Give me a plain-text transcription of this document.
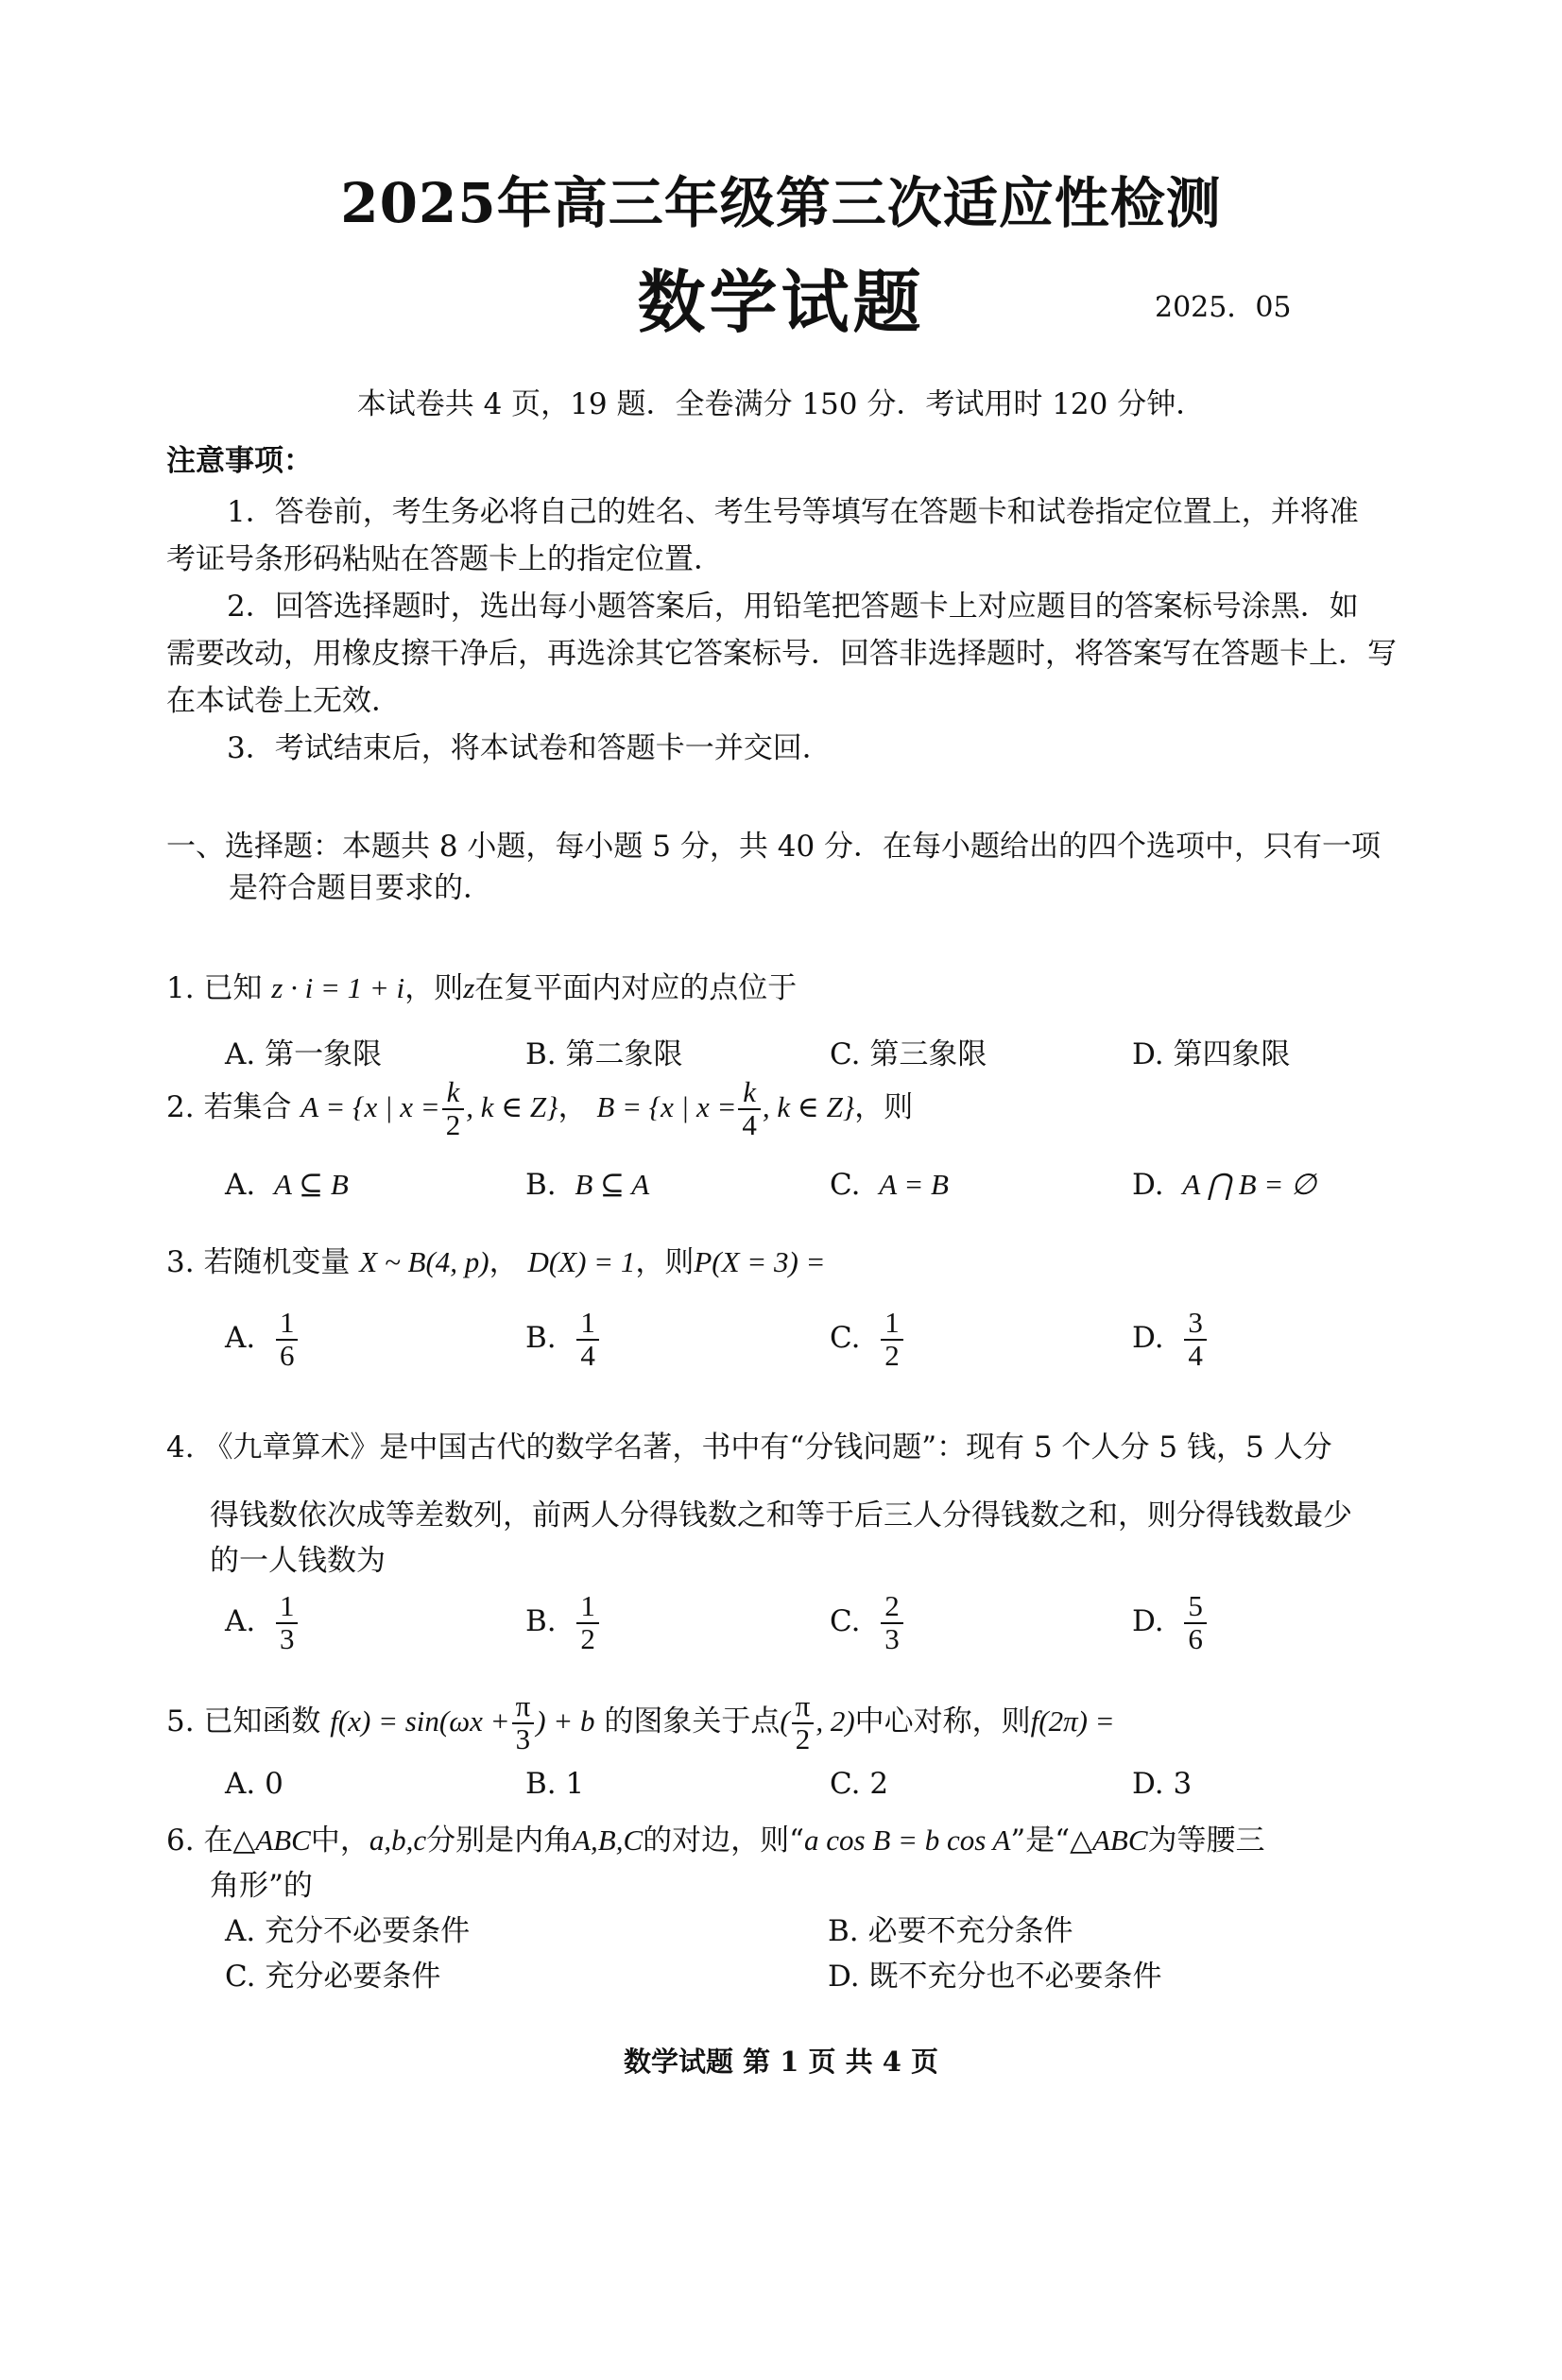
2025年高三年级第三次适应性检测
数学试题	2025．05
本试卷共 4 页，19 题．全卷满分 150 分．考试用时 120 分钟．
注意事项：
1．答卷前，考生务必将自己的姓名、考生号等填写在答题卡和试卷指定位置上，并将准
考证号条形码粘贴在答题卡上的指定位置．
2．回答选择题时，选出每小题答案后，用铅笔把答题卡上对应题目的答案标号涂黑．如
需要改动，用橡皮擦干净后，再选涂其它答案标号．回答非选择题时，将答案写在答题卡上．写
在本试卷上无效．
3．考试结束后，将本试卷和答题卡一并交回．
一、选择题：本题共 8 小题，每小题 5 分，共 40 分．在每小题给出的四个选项中，只有一项
是符合题目要求的．
1. 已知 z · i = 1 + i，则z在复平面内对应的点位于
A. 第一象限	B. 第二象限	C. 第三象限	D. 第四象限
2. 若集合 A = {x | $x = \frac{k}{2}$ , k ∈ Z}， B = {x | $x = \frac{k}{4}$ , k ∈ Z}，则
A. A ⊆ B	B. B ⊆ A	C. A = B	D. A ⋂ B = ∅
3. 若随机变量 X ~ B(4, p)， D(X) = 1，则P(X = 3) =
A. $\frac{1}{6}$	B. $\frac{1}{4}$	C. $\frac{1}{2}$	D. $\frac{3}{4}$
4. 《九章算术》是中国古代的数学名著，书中有“分钱问题”：现有 5 个人分 5 钱，5 人分
得钱数依次成等差数列，前两人分得钱数之和等于后三人分得钱数之和，则分得钱数最少
的一人钱数为
A. $\frac{1}{3}$	B. $\frac{1}{2}$	C. $\frac{2}{3}$	D. $\frac{5}{6}$
5. 已知函数 $f(x) = \sin(\omega x + \frac{\pi}{3}$ ) + b 的图象关于点( $\frac{\pi}{2}$ , 2)中心对称，则f(2π) =
A. 0	B. 1	C. 2	D. 3
6. 在△ABC中，a,b,c分别是内角A,B,C的对边，则“a cos B = b cos A”是“△ABC为等腰三
角形”的
A. 充分不必要条件	B. 必要不充分条件
C. 充分必要条件	D. 既不充分也不必要条件
数学试题 第 1 页 共 4 页
